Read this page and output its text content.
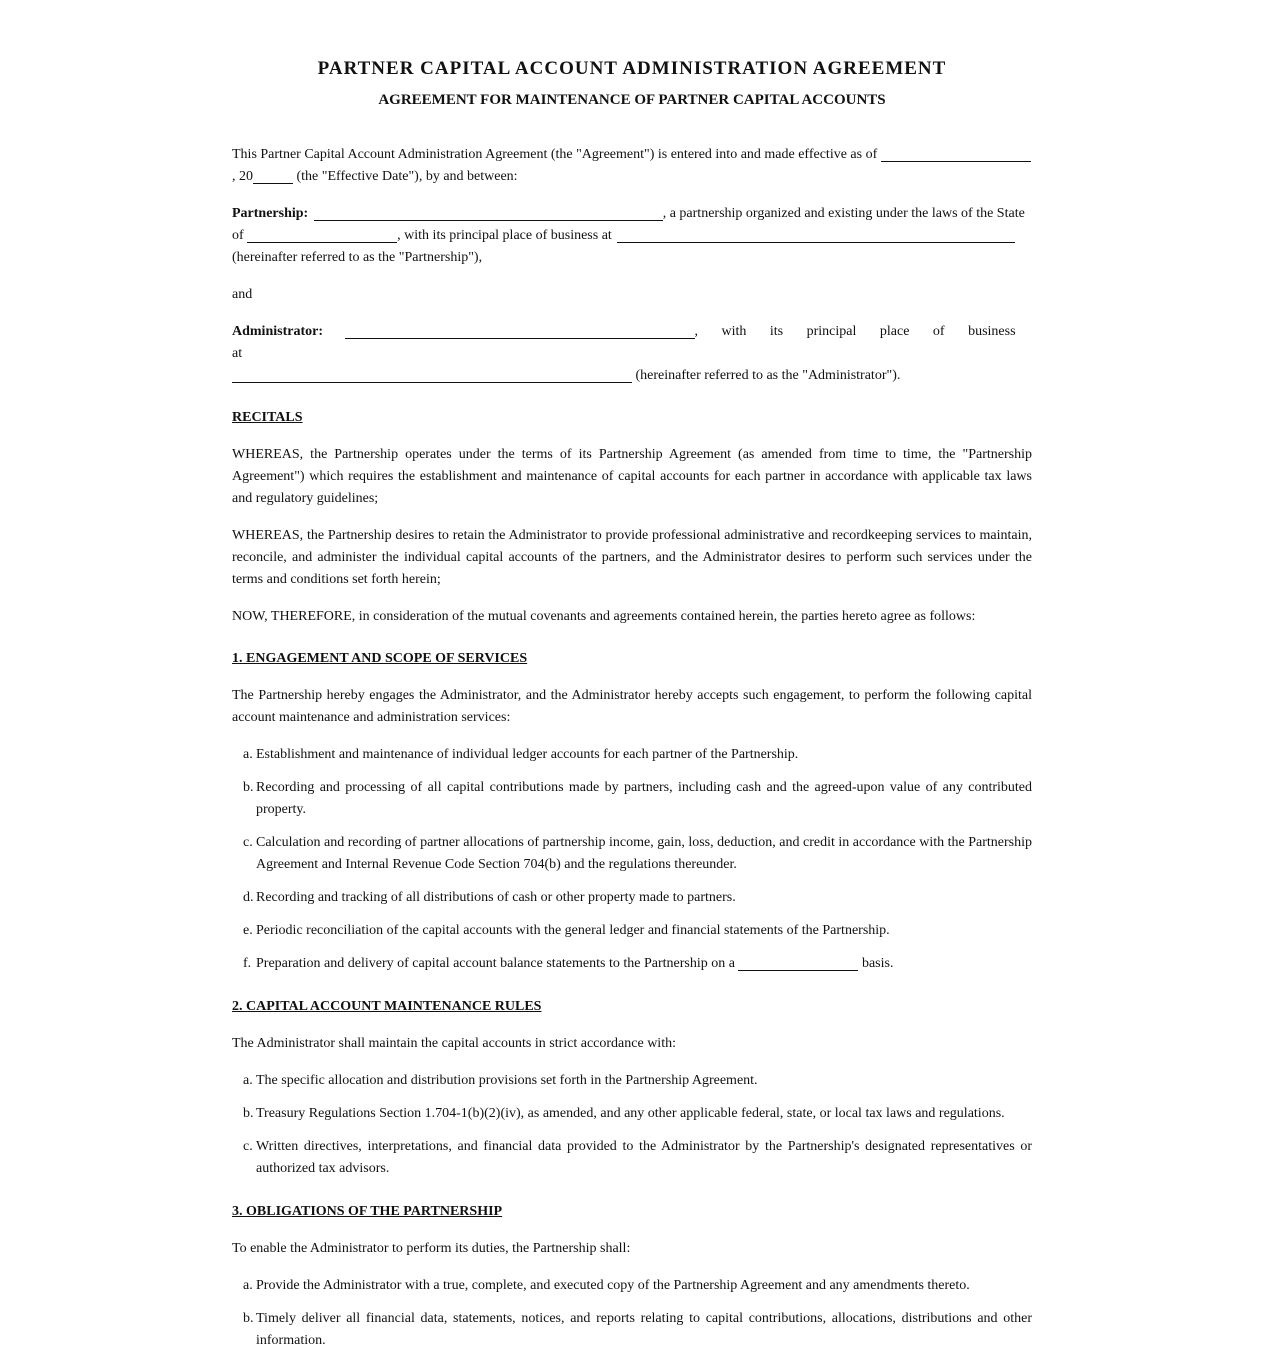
PARTNER CAPITAL ACCOUNT ADMINISTRATION AGREEMENT
AGREEMENT FOR MAINTENANCE OF PARTNER CAPITAL ACCOUNTS

This Partner Capital Account Administration Agreement (the "Agreement") is entered into and made effective as of
, 20	(the "Effective Date"), by and between:

Partnership:	, a partnership organized and existing under the laws of the State of	, with its principal place of business at
(hereinafter referred to as the "Partnership"),

and

Administrator:	, with its principal place of business at
(hereinafter referred to as the "Administrator").

RECITALS

WHEREAS, the Partnership operates under the terms of its Partnership Agreement (as amended from time to time, the "Partnership Agreement") which requires the establishment and maintenance of capital accounts for each partner in accordance with applicable tax laws and regulatory guidelines;

WHEREAS, the Partnership desires to retain the Administrator to provide professional administrative and recordkeeping services to maintain, reconcile, and administer the individual capital accounts of the partners, and the Administrator desires to perform such services under the terms and conditions set forth herein;

NOW, THEREFORE, in consideration of the mutual covenants and agreements contained herein, the parties hereto agree as follows:

1. ENGAGEMENT AND SCOPE OF SERVICES

The Partnership hereby engages the Administrator, and the Administrator hereby accepts such engagement, to perform the following capital account maintenance and administration services:

a. Establishment and maintenance of individual ledger accounts for each partner of the Partnership.
b. Recording and processing of all capital contributions made by partners, including cash and the agreed-upon value of any contributed property.
c. Calculation and recording of partner allocations of partnership income, gain, loss, deduction, and credit in accordance with the Partnership Agreement and Internal Revenue Code Section 704(b) and the regulations thereunder.
d. Recording and tracking of all distributions of cash or other property made to partners.
e. Periodic reconciliation of the capital accounts with the general ledger and financial statements of the Partnership.
f. Preparation and delivery of capital account balance statements to the Partnership on a	basis.
2. CAPITAL ACCOUNT MAINTENANCE RULES

The Administrator shall maintain the capital accounts in strict accordance with:

a. The specific allocation and distribution provisions set forth in the Partnership Agreement.
b. Treasury Regulations Section 1.704-1(b)(2)(iv), as amended, and any other applicable federal, state, or local tax laws and regulations.
c. Written directives, interpretations, and financial data provided to the Administrator by the Partnership's designated representatives or authorized tax advisors.
3. OBLIGATIONS OF THE PARTNERSHIP

To enable the Administrator to perform its duties, the Partnership shall:

a. Provide the Administrator with a true, complete, and executed copy of the Partnership Agreement and any amendments thereto.
b. Timely deliver all financial data, statements, notices, and reports relating to capital contributions, allocations, distributions and other information.
